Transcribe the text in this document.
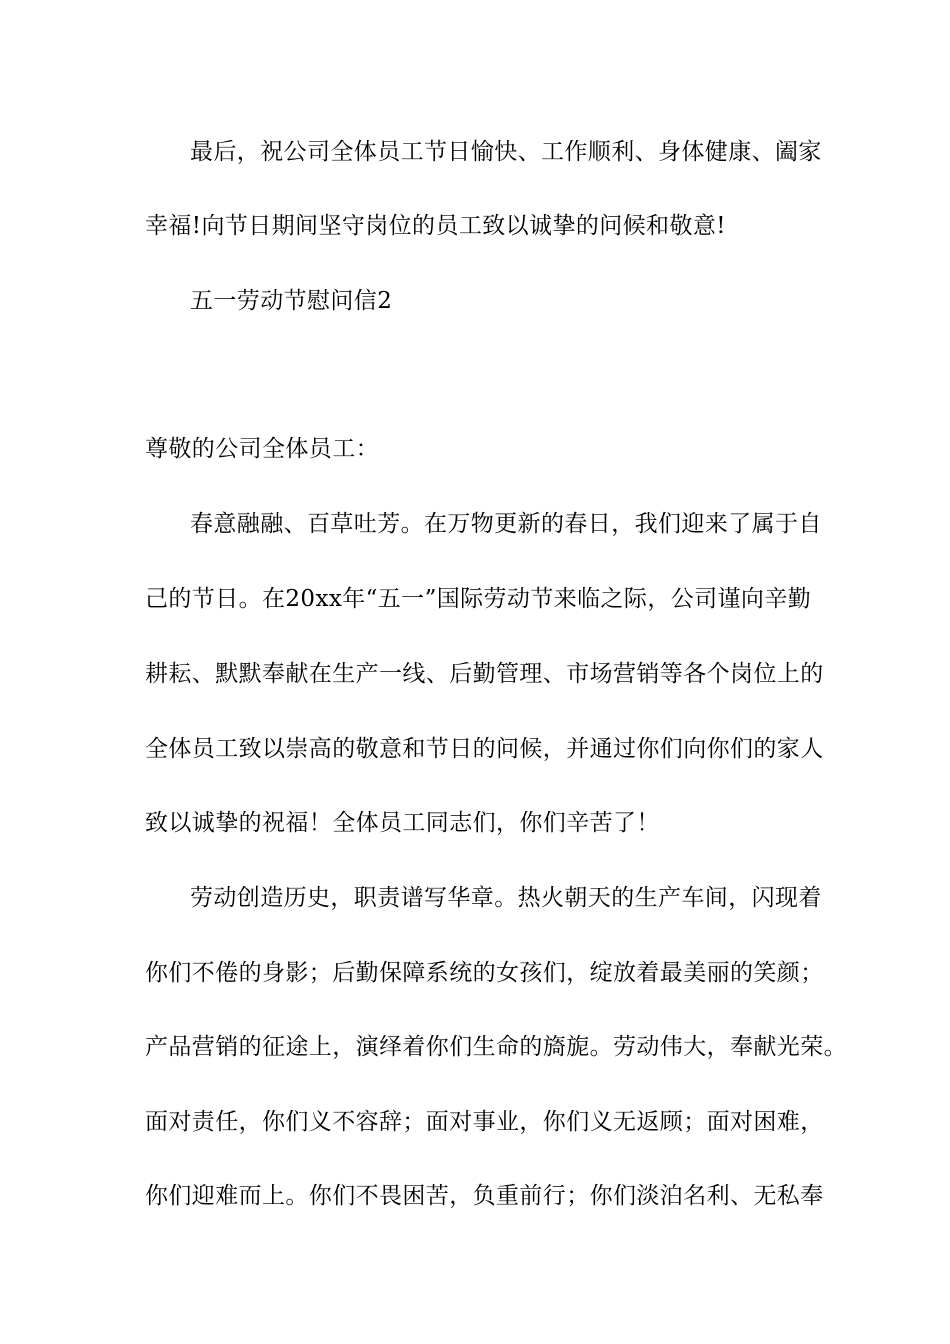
最后，祝公司全体员工节日愉快、工作顺利、身体健康、阖家
幸福!向节日期间坚守岗位的员工致以诚挚的问候和敬意!
五一劳动节慰问信2
尊敬的公司全体员工：
春意融融、百草吐芳。在万物更新的春日，我们迎来了属于自
己的节日。在20xx年“五一”国际劳动节来临之际，公司谨向辛勤
耕耘、默默奉献在生产一线、后勤管理、市场营销等各个岗位上的
全体员工致以崇高的敬意和节日的问候，并通过你们向你们的家人
致以诚挚的祝福！全体员工同志们，你们辛苦了！
劳动创造历史，职责谱写华章。热火朝天的生产车间，闪现着
你们不倦的身影；后勤保障系统的女孩们，绽放着最美丽的笑颜；
产品营销的征途上，演绎着你们生命的旖旎。劳动伟大，奉献光荣。
面对责任，你们义不容辞；面对事业，你们义无返顾；面对困难，
你们迎难而上。你们不畏困苦，负重前行；你们淡泊名利、无私奉
